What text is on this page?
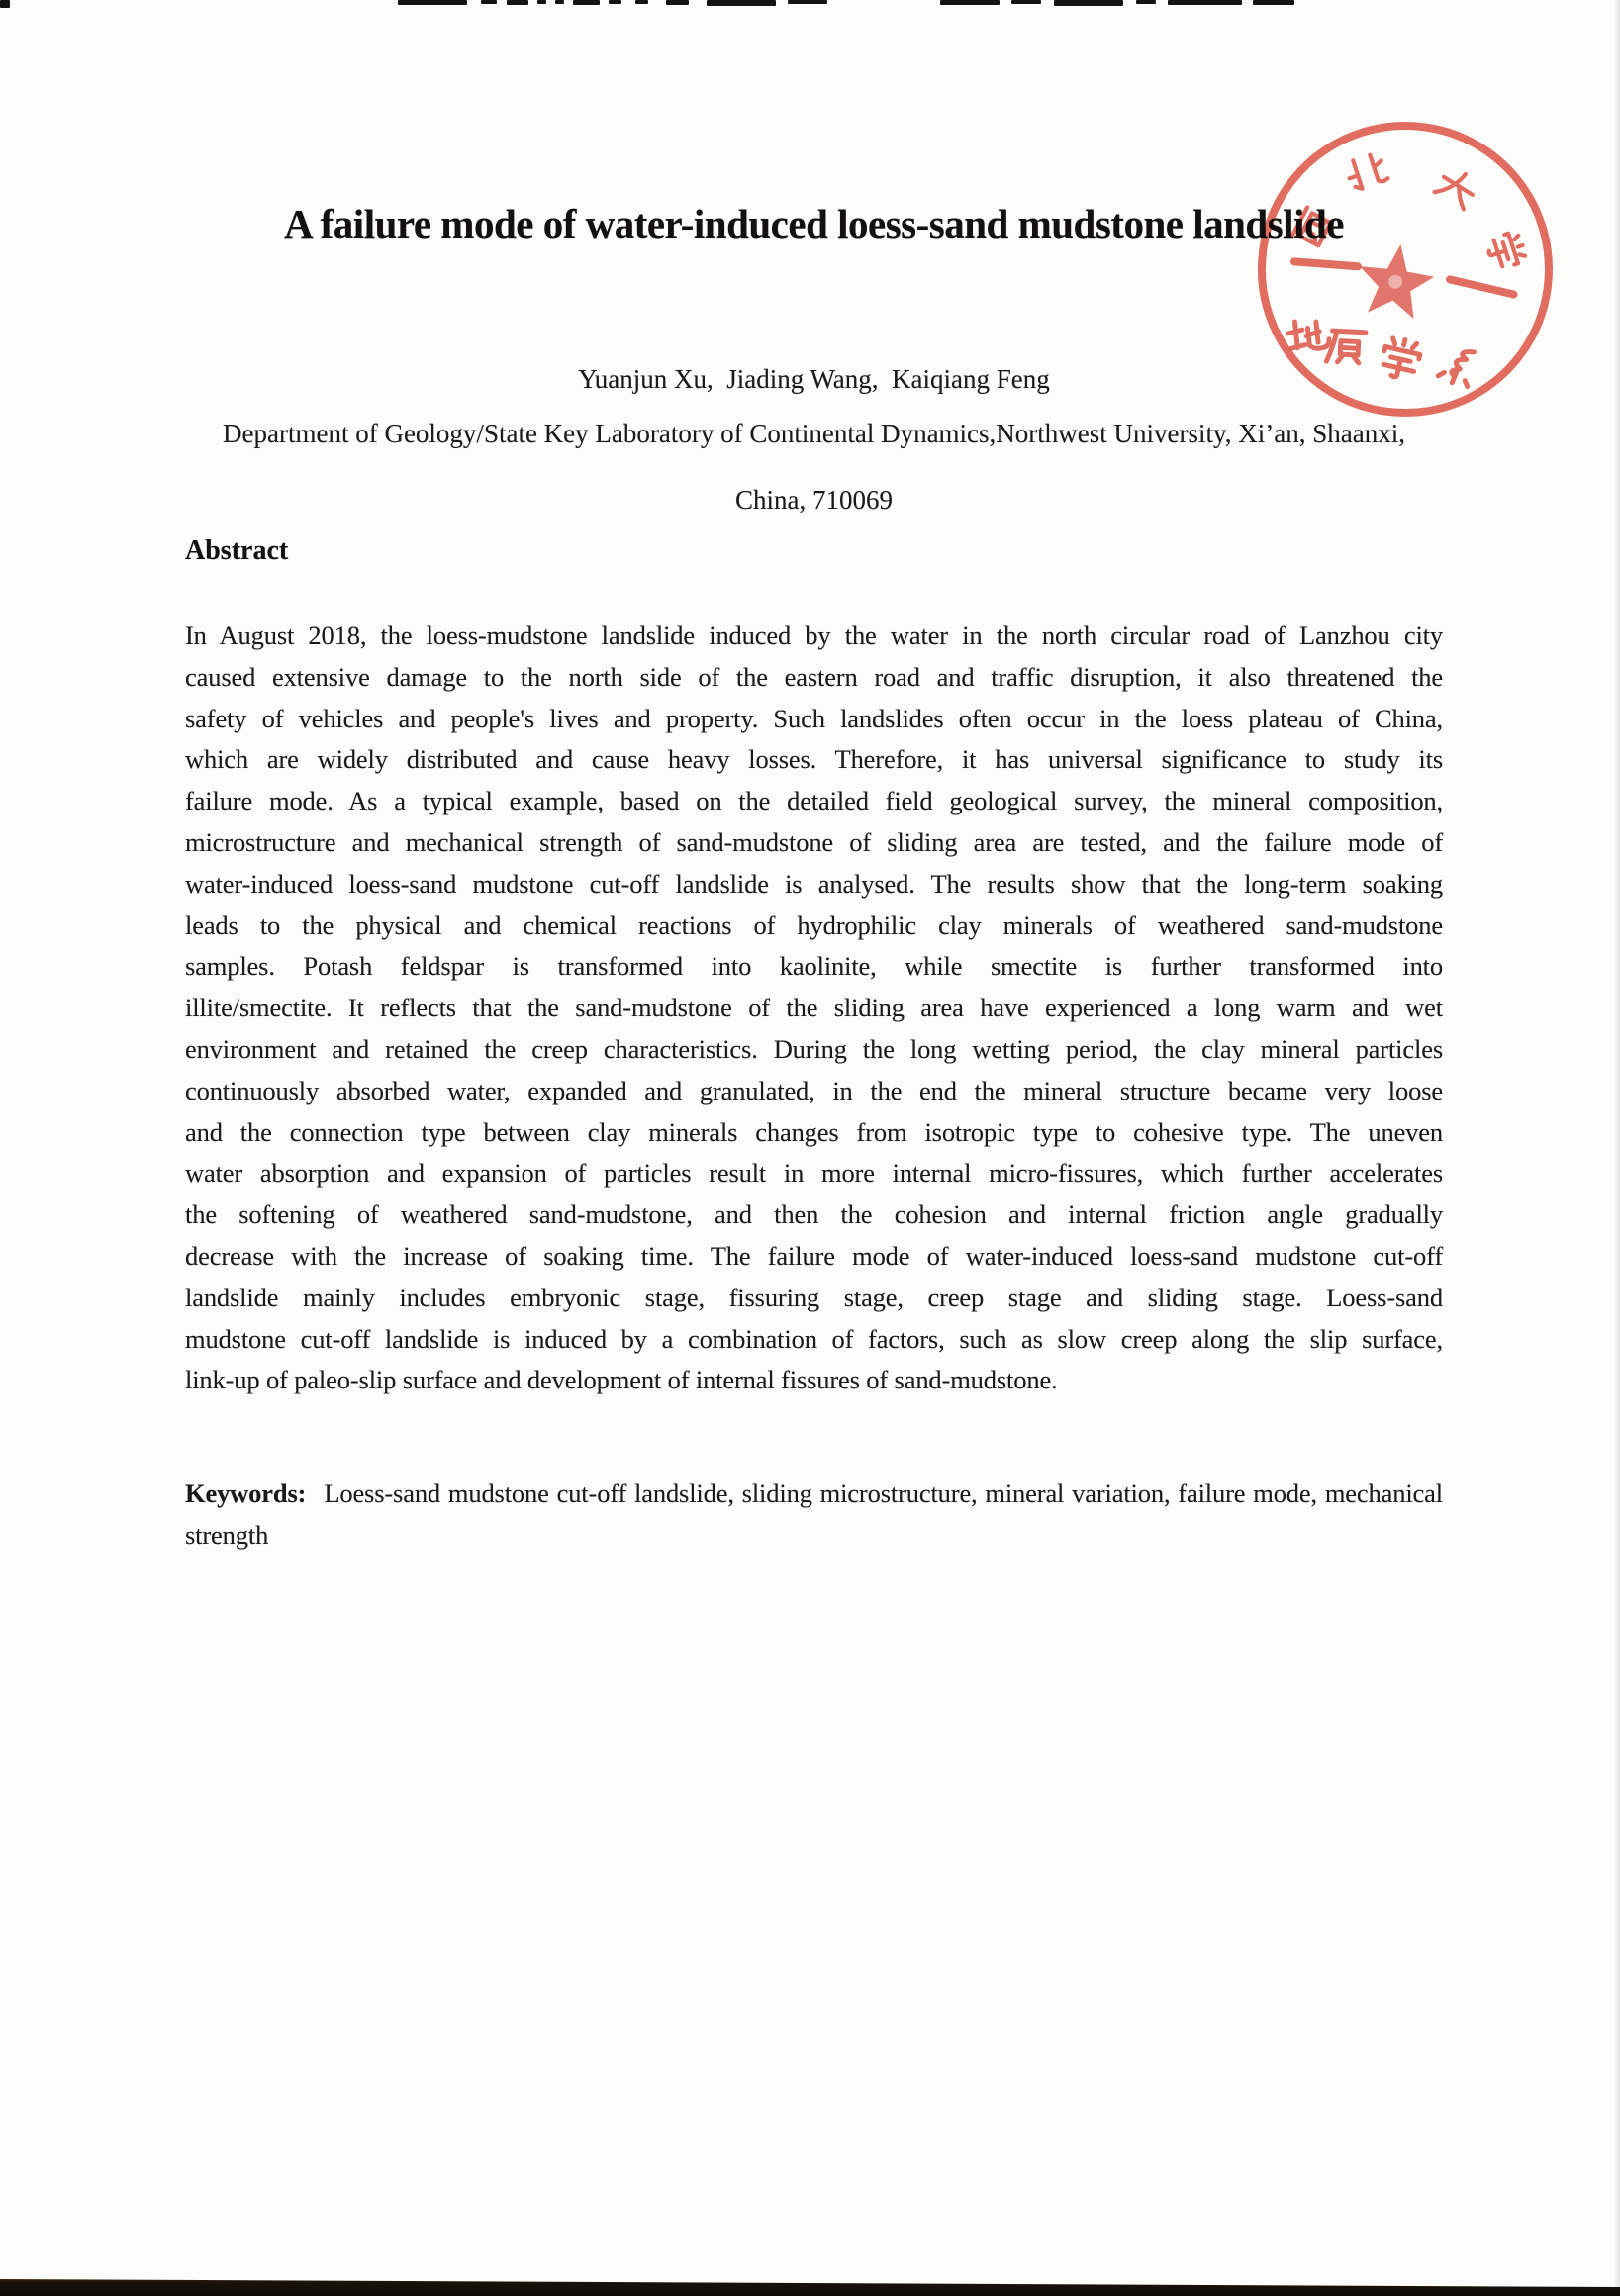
A failure mode of water-induced loess-sand mudstone landslide
Yuanjun Xu,  Jiading Wang,  Kaiqiang Feng
Department of Geology/State Key Laboratory of Continental Dynamics,Northwest University, Xi’an, Shaanxi,
China, 710069
Abstract
In August 2018, the loess-mudstone landslide induced by the water in the north circular road of Lanzhou city
caused extensive damage to the north side of the eastern road and traffic disruption, it also threatened the
safety of vehicles and people's lives and property. Such landslides often occur in the loess plateau of China,
which are widely distributed and cause heavy losses. Therefore, it has universal significance to study its
failure mode. As a typical example, based on the detailed field geological survey, the mineral composition,
microstructure and mechanical strength of sand-mudstone of sliding area are tested, and the failure mode of
water-induced loess-sand mudstone cut-off landslide is analysed. The results show that the long-term soaking
leads to the physical and chemical reactions of hydrophilic clay minerals of weathered sand-mudstone
samples. Potash feldspar is transformed into kaolinite, while smectite is further transformed into
illite/smectite. It reflects that the sand-mudstone of the sliding area have experienced a long warm and wet
environment and retained the creep characteristics. During the long wetting period, the clay mineral particles
continuously absorbed water, expanded and granulated, in the end the mineral structure became very loose
and the connection type between clay minerals changes from isotropic type to cohesive type. The uneven
water absorption and expansion of particles result in more internal micro-fissures, which further accelerates
the softening of weathered sand-mudstone, and then the cohesion and internal friction angle gradually
decrease with the increase of soaking time. The failure mode of water-induced loess-sand mudstone cut-off
landslide mainly includes embryonic stage, fissuring stage, creep stage and sliding stage. Loess-sand
mudstone cut-off landslide is induced by a combination of factors, such as slow creep along the slip surface,
link-up of paleo-slip surface and development of internal fissures of sand-mudstone.
Keywords: Loess-sand mudstone cut-off landslide, sliding microstructure, mineral variation, failure mode, mechanical strength
